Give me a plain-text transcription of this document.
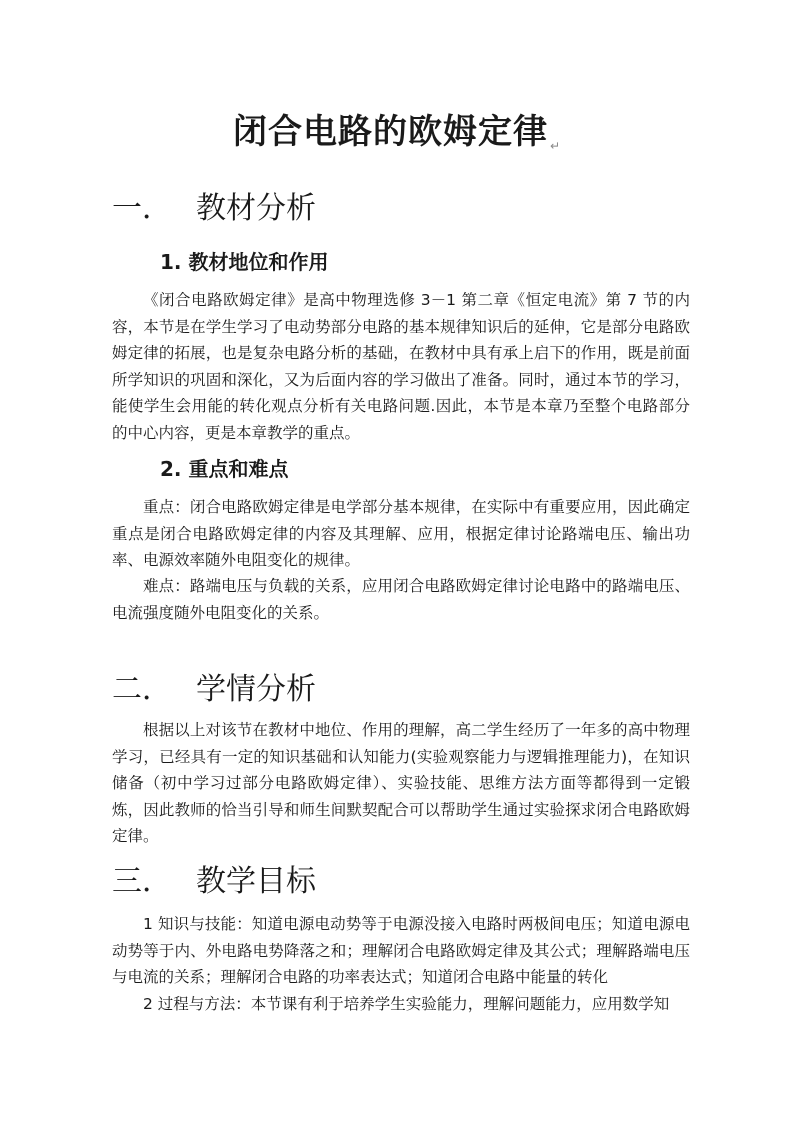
闭合电路的欧姆定律 ↵
一． 教材分析
1. 教材地位和作用

《闭合电路欧姆定律》是高中物理选修 3－1 第二章《恒定电流》第 7 节的内容，本节是在学生学习了电动势部分电路的基本规律知识后的延伸，它是部分电路欧姆定律的拓展，也是复杂电路分析的基础，在教材中具有承上启下的作用，既是前面所学知识的巩固和深化，又为后面内容的学习做出了准备。同时，通过本节的学习，能使学生会用能的转化观点分析有关电路问题.因此，本节是本章乃至整个电路部分的中心内容，更是本章教学的重点。

2. 重点和难点

重点：闭合电路欧姆定律是电学部分基本规律，在实际中有重要应用，因此确定重点是闭合电路欧姆定律的内容及其理解、应用，根据定律讨论路端电压、输出功率、电源效率随外电阻变化的规律。

难点：路端电压与负载的关系，应用闭合电路欧姆定律讨论电路中的路端电压、电流强度随外电阻变化的关系。

二． 学情分析

根据以上对该节在教材中地位、作用的理解，高二学生经历了一年多的高中物理学习，已经具有一定的知识基础和认知能力(实验观察能力与逻辑推理能力)，在知识储备（初中学习过部分电路欧姆定律）、实验技能、思维方法方面等都得到一定锻炼，因此教师的恰当引导和师生间默契配合可以帮助学生通过实验探求闭合电路欧姆定律。

三． 教学目标

1 知识与技能：知道电源电动势等于电源没接入电路时两极间电压；知道电源电动势等于内、外电路电势降落之和；理解闭合电路欧姆定律及其公式；理解路端电压与电流的关系；理解闭合电路的功率表达式；知道闭合电路中能量的转化

2 过程与方法：本节课有利于培养学生实验能力，理解问题能力，应用数学知
